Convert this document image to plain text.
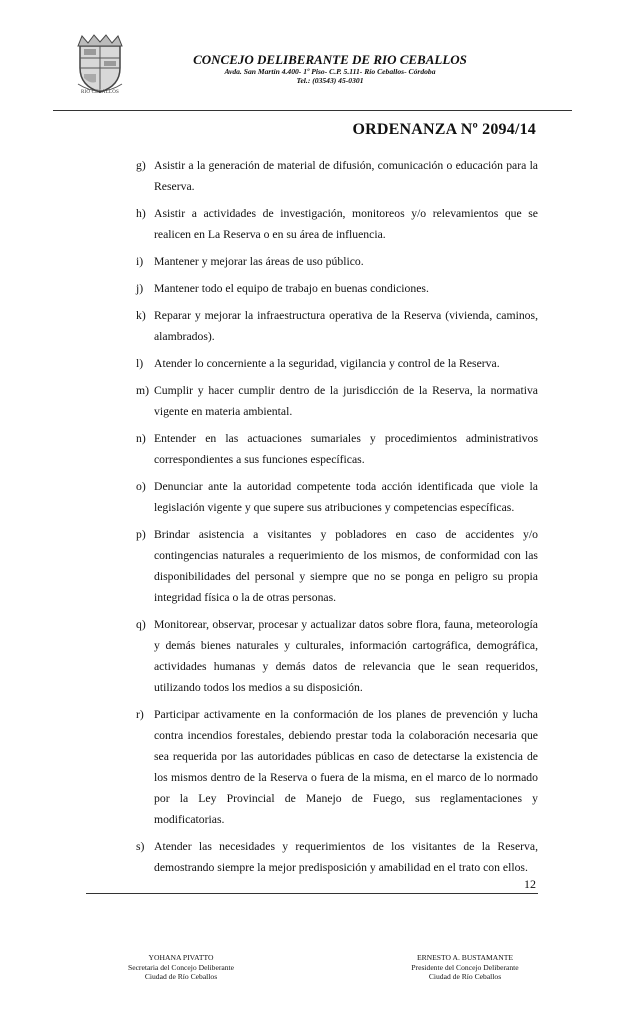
RIO CEBALLOS
CONCEJO DELIBERANTE DE RIO CEBALLOS
Avda. San Martín 4.400- 1º Piso- C.P. 5.111- Río Ceballos- Córdoba
Tel.: (03543) 45-0301
ORDENANZA Nº 2094/14
g) Asistir a la generación de material de difusión, comunicación o educación para la Reserva.
h) Asistir a actividades de investigación, monitoreos y/o relevamientos que se realicen en La Reserva o en su área de influencia.
i) Mantener y mejorar las áreas de uso público.
j) Mantener todo el equipo de trabajo en buenas condiciones.
k) Reparar y mejorar la infraestructura operativa de la Reserva (vivienda, caminos, alambrados).
l) Atender lo concerniente a la seguridad, vigilancia y control de la Reserva.
m) Cumplir y hacer cumplir dentro de la jurisdicción de la Reserva, la normativa vigente en materia ambiental.
n) Entender en las actuaciones sumariales y procedimientos administrativos correspondientes a sus funciones específicas.
o) Denunciar ante la autoridad competente toda acción identificada que viole la legislación vigente y que supere sus atribuciones y competencias específicas.
p) Brindar asistencia a visitantes y pobladores en caso de accidentes y/o contingencias naturales a requerimiento de los mismos, de conformidad con las disponibilidades del personal y siempre que no se ponga en peligro su propia integridad física o la de otras personas.
q) Monitorear, observar, procesar y actualizar datos sobre flora, fauna, meteorología y demás bienes naturales y culturales, información cartográfica, demográfica, actividades humanas y demás datos de relevancia que le sean requeridos, utilizando todos los medios a su disposición.
r) Participar activamente en la conformación de los planes de prevención y lucha contra incendios forestales, debiendo prestar toda la colaboración necesaria que sea requerida por las autoridades públicas en caso de detectarse la existencia de los mismos dentro de la Reserva o fuera de la misma, en el marco de lo normado por la Ley Provincial de Manejo de Fuego, sus reglamentaciones y modificatorias.
s) Atender las necesidades y requerimientos de los visitantes de la Reserva, demostrando siempre la mejor predisposición y amabilidad en el trato con ellos.
12
YOHANA PIVATTO
Secretaria del Concejo Deliberante
Ciudad de Río Ceballos
ERNESTO A. BUSTAMANTE
Presidente del Concejo Deliberante
Ciudad de Río Ceballos
